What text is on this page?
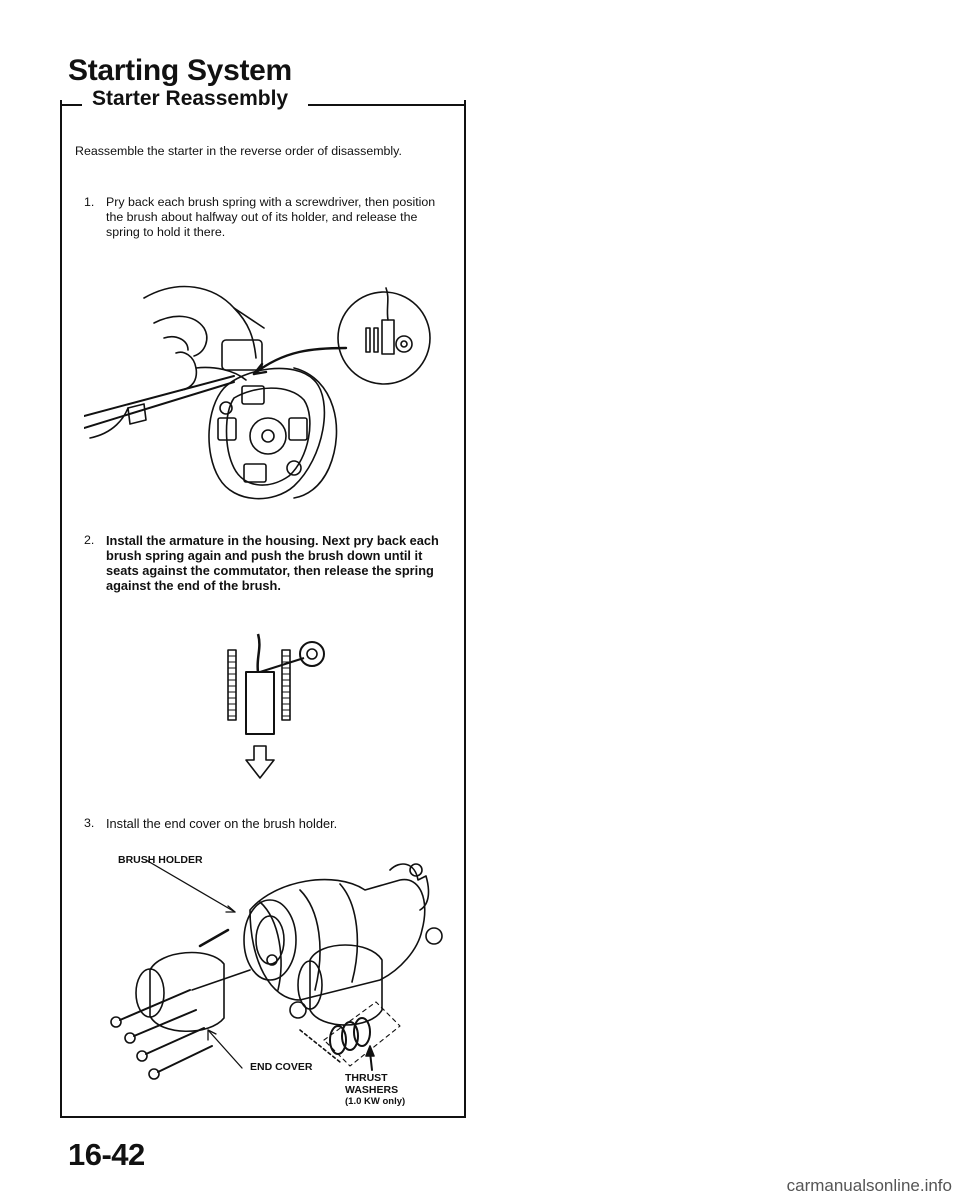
Starting System
Starter Reassembly

Reassemble the starter in the reverse order of disassembly.

1. Pry back each brush spring with a screwdriver, then position the brush about halfway out of its holder, and release the spring to hold it there.
2. Install the armature in the housing. Next pry back each brush spring again and push the brush down until it seats against the commutator, then release the spring against the end of the brush.
3. Install the end cover on the brush holder.
BRUSH HOLDER
END COVER
THRUST
WASHERS
(1.0 KW only)
16-42
carmanualsonline.info
